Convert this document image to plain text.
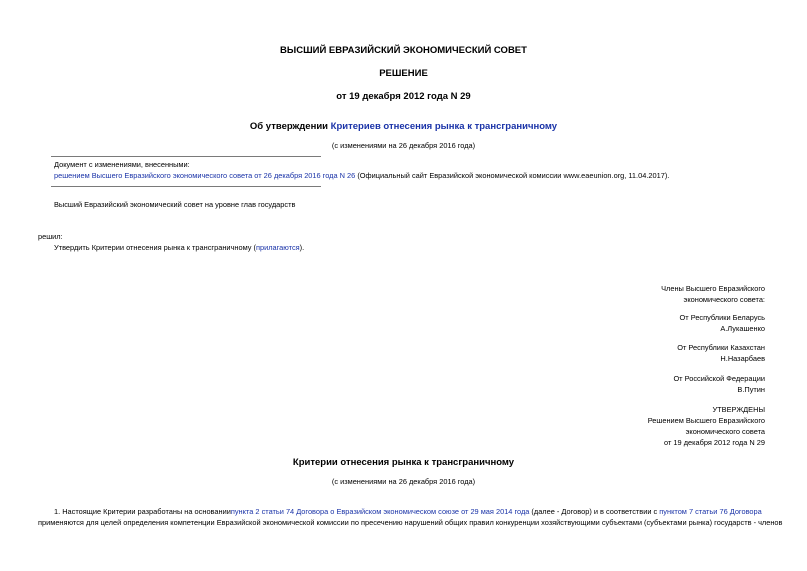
ВЫСШИЙ ЕВРАЗИЙСКИЙ ЭКОНОМИЧЕСКИЙ СОВЕТ
РЕШЕНИЕ
от 19 декабря 2012 года N 29
Об утверждении Критериев отнесения рынка к трансграничному
(с изменениями на 26 декабря 2016 года)
Документ с изменениями, внесенными:
решением Высшего Евразийского экономического совета от 26 декабря 2016 года N 26 (Официальный сайт Евразийской экономической комиссии www.eaeunion.org, 11.04.2017).
Высший Евразийский экономический совет на уровне глав государств
решил:
Утвердить Критерии отнесения рынка к трансграничному (прилагаются).
Члены Высшего Евразийского
экономического совета:
От Республики Беларусь
А.Лукашенко
От Республики Казахстан
Н.Назарбаев
От Российской Федерации
В.Путин
УТВЕРЖДЕНЫ
Решением Высшего Евразийского
экономического совета
от 19 декабря 2012 года N 29
Критерии отнесения рынка к трансграничному
(с изменениями на 26 декабря 2016 года)
1. Настоящие Критерии разработаны на основаниипункта 2 статьи 74 Договора о Евразийском экономическом союзе от 29 мая 2014 года (далее - Договор) и в соответствии с пунктом 7 статьи 76 Договора
применяются для целей определения компетенции Евразийской экономической комиссии по пресечению нарушений общих правил конкуренции хозяйствующими субъектами (субъектами рынка) государств - членов
